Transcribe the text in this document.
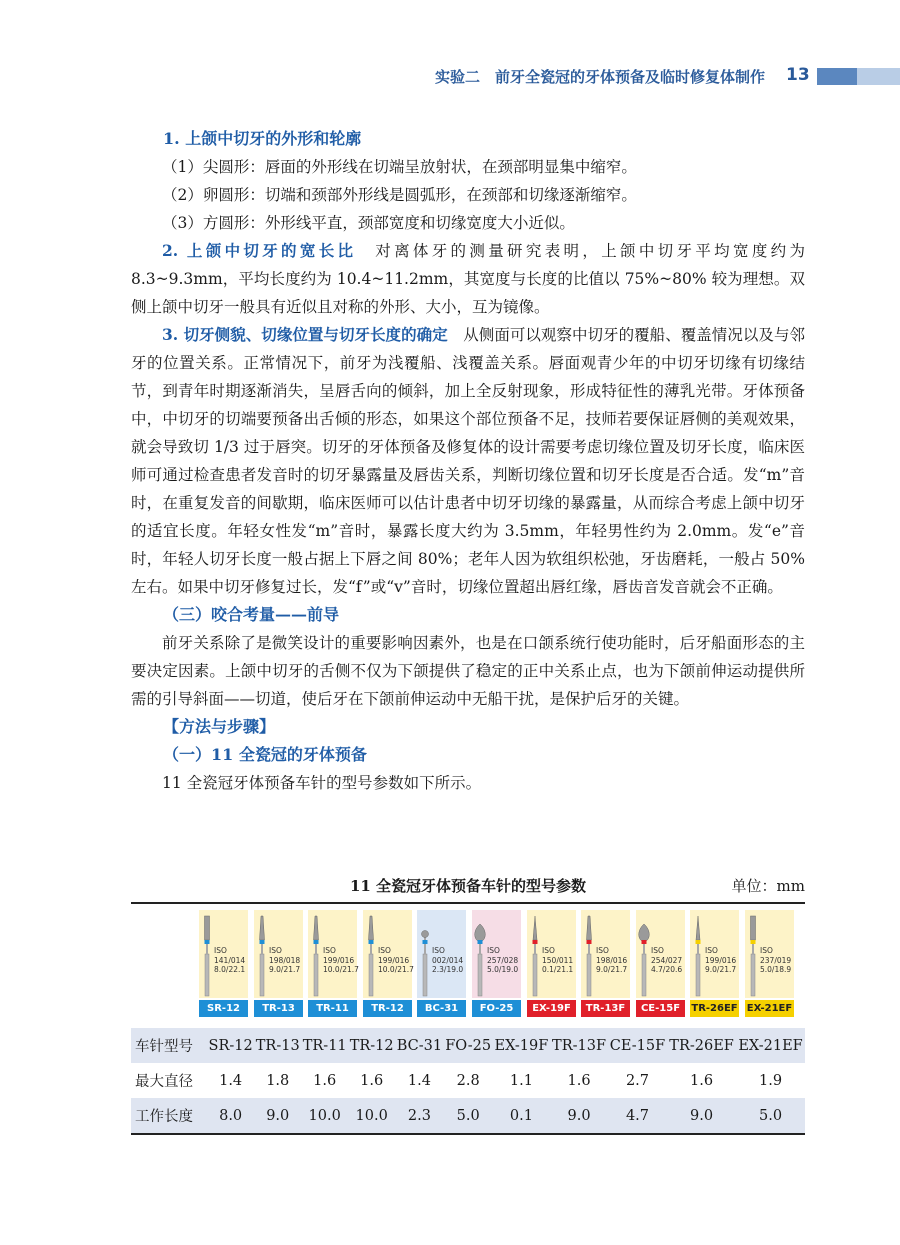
实验二　前牙全瓷冠的牙体预备及临时修复体制作 13

1. 上颌中切牙的外形和轮廓

（1）尖圆形：唇面的外形线在切端呈放射状，在颈部明显集中缩窄。

（2）卵圆形：切端和颈部外形线是圆弧形，在颈部和切缘逐渐缩窄。

（3）方圆形：外形线平直，颈部宽度和切缘宽度大小近似。

2. 上颌中切牙的宽长比　 对离体牙的测量研究表明，上颌中切牙平均宽度约为 8.3~9.3mm，平均长度约为 10.4~11.2mm，其宽度与长度的比值以 75%~80% 较为理想。双侧上颌中切牙一般具有近似且对称的外形、大小，互为镜像。

3. 切牙侧貌、切缘位置与切牙长度的确定　 从侧面可以观察中切牙的覆船、覆盖情况以及与邻牙的位置关系。正常情况下，前牙为浅覆船、浅覆盖关系。唇面观青少年的中切牙切缘有切缘结节，到青年时期逐渐消失，呈唇舌向的倾斜，加上全反射现象，形成特征性的薄乳光带。牙体预备中，中切牙的切端要预备出舌倾的形态，如果这个部位预备不足，技师若要保证唇侧的美观效果，就会导致切 1/3 过于唇突。切牙的牙体预备及修复体的设计需要考虑切缘位置及切牙长度，临床医师可通过检查患者发音时的切牙暴露量及唇齿关系，判断切缘位置和切牙长度是否合适。发“m”音时，在重复发音的间歇期，临床医师可以估计患者中切牙切缘的暴露量，从而综合考虑上颌中切牙的适宜长度。年轻女性发“m”音时，暴露长度大约为 3.5mm，年轻男性约为 2.0mm。发“e”音时，年轻人切牙长度一般占据上下唇之间 80%；老年人因为软组织松弛，牙齿磨耗，一般占 50% 左右。如果中切牙修复过长，发“f”或“v”音时，切缘位置超出唇红缘，唇齿音发音就会不正确。

（三）咬合考量——前导

前牙关系除了是微笑设计的重要影响因素外，也是在口颌系统行使功能时，后牙船面形态的主要决定因素。上颌中切牙的舌侧不仅为下颌提供了稳定的正中关系止点，也为下颌前伸运动提供所需的引导斜面——切道，使后牙在下颌前伸运动中无船干扰，是保护后牙的关键。

【方法与步骤】

（一）11 全瓷冠的牙体预备

11 全瓷冠牙体预备车针的型号参数如下所示。

11 全瓷冠牙体预备车针的型号参数	单位：mm
ISO
141/014
8.0/22.1
SR-12
ISO
198/018
9.0/21.7
TR-13
ISO
199/016
10.0/21.7
TR-11
ISO
199/016
10.0/21.7
TR-12
ISO
002/014
2.3/19.0
BC-31
ISO
257/028
5.0/19.0
FO-25
ISO
150/011
0.1/21.1
EX-19F
ISO
198/016
9.0/21.7
TR-13F
ISO
254/027
4.7/20.6
CE-15F
ISO
199/016
9.0/21.7
TR-26EF
ISO
237/019
5.0/18.9
EX-21EF
车针型号	SR-12	TR-13	TR-11	TR-12	BC-31	FO-25	EX-19F	TR-13F	CE-15F	TR-26EF	EX-21EF
最大直径	1.4	1.8	1.6	1.6	1.4	2.8	1.1	1.6	2.7	1.6	1.9
工作长度	8.0	9.0	10.0	10.0	2.3	5.0	0.1	9.0	4.7	9.0	5.0
